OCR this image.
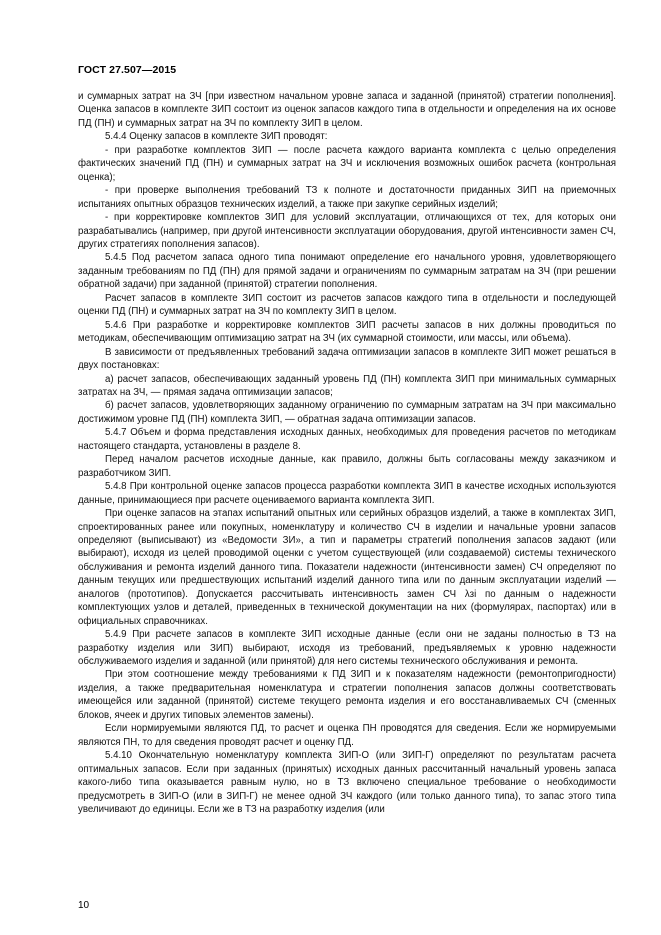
ГОСТ 27.507—2015

и суммарных затрат на ЗЧ [при известном начальном уровне запаса и заданной (принятой) стратегии пополнения]. Оценка запасов в комплекте ЗИП состоит из оценок запасов каждого типа в отдельности и определения на их основе ПД (ПН) и суммарных затрат на ЗЧ по комплекту ЗИП в целом.

5.4.4 Оценку запасов в комплекте ЗИП проводят:

- при разработке комплектов ЗИП — после расчета каждого варианта комплекта с целью определения фактических значений ПД (ПН) и суммарных затрат на ЗЧ и исключения возможных ошибок расчета (контрольная оценка);

- при проверке выполнения требований ТЗ к полноте и достаточности приданных ЗИП на приемочных испытаниях опытных образцов технических изделий, а также при закупке серийных изделий;

- при корректировке комплектов ЗИП для условий эксплуатации, отличающихся от тех, для которых они разрабатывались (например, при другой интенсивности эксплуатации оборудования, другой интенсивности замен СЧ, других стратегиях пополнения запасов).

5.4.5 Под расчетом запаса одного типа понимают определение его начального уровня, удовлетворяющего заданным требованиям по ПД (ПН) для прямой задачи и ограничениям по суммарным затратам на ЗЧ (при решении обратной задачи) при заданной (принятой) стратегии пополнения.

Расчет запасов в комплекте ЗИП состоит из расчетов запасов каждого типа в отдельности и последующей оценки ПД (ПН) и суммарных затрат на ЗЧ по комплекту ЗИП в целом.

5.4.6 При разработке и корректировке комплектов ЗИП расчеты запасов в них должны проводиться по методикам, обеспечивающим оптимизацию затрат на ЗЧ (их суммарной стоимости, или массы, или объема).

В зависимости от предъявленных требований задача оптимизации запасов в комплекте ЗИП может решаться в двух постановках:

а) расчет запасов, обеспечивающих заданный уровень ПД (ПН) комплекта ЗИП при минимальных суммарных затратах на ЗЧ, — прямая задача оптимизации запасов;

б) расчет запасов, удовлетворяющих заданному ограничению по суммарным затратам на ЗЧ при максимально достижимом уровне ПД (ПН) комплекта ЗИП, — обратная задача оптимизации запасов.

5.4.7 Объем и форма представления исходных данных, необходимых для проведения расчетов по методикам настоящего стандарта, установлены в разделе 8.

Перед началом расчетов исходные данные, как правило, должны быть согласованы между заказчиком и разработчиком ЗИП.

5.4.8 При контрольной оценке запасов процесса разработки комплекта ЗИП в качестве исходных используются данные, принимающиеся при расчете оцениваемого варианта комплекта ЗИП.

При оценке запасов на этапах испытаний опытных или серийных образцов изделий, а также в комплектах ЗИП, спроектированных ранее или покупных, номенклатуру и количество СЧ в изделии и начальные уровни запасов определяют (выписывают) из «Ведомости ЗИ», а тип и параметры стратегий пополнения запасов задают (или выбирают), исходя из целей проводимой оценки с учетом существующей (или создаваемой) системы технического обслуживания и ремонта изделий данного типа. Показатели надежности (интенсивности замен) СЧ определяют по данным текущих или предшествующих испытаний изделий данного типа или по данным эксплуатации изделий — аналогов (прототипов). Допускается рассчитывать интенсивность замен СЧ λзi по данным о надежности комплектующих узлов и деталей, приведенных в технической документации на них (формулярах, паспортах) или в официальных справочниках.

5.4.9 При расчете запасов в комплекте ЗИП исходные данные (если они не заданы полностью в ТЗ на разработку изделия или ЗИП) выбирают, исходя из требований, предъявляемых к уровню надежности обслуживаемого изделия и заданной (или принятой) для него системы технического обслуживания и ремонта.

При этом соотношение между требованиями к ПД ЗИП и к показателям надежности (ремонтопригодности) изделия, а также предварительная номенклатура и стратегии пополнения запасов должны соответствовать имеющейся или заданной (принятой) системе текущего ремонта изделия и его восстанавливаемых СЧ (сменных блоков, ячеек и других типовых элементов замены).

Если нормируемыми являются ПД, то расчет и оценка ПН проводятся для сведения. Если же нормируемыми являются ПН, то для сведения проводят расчет и оценку ПД.

5.4.10 Окончательную номенклатуру комплекта ЗИП-О (или ЗИП-Г) определяют по результатам расчета оптимальных запасов. Если при заданных (принятых) исходных данных рассчитанный начальный уровень запаса какого-либо типа оказывается равным нулю, но в ТЗ включено специальное требование о необходимости предусмотреть в ЗИП-О (или в ЗИП-Г) не менее одной ЗЧ каждого (или только данного типа), то запас этого типа увеличивают до единицы. Если же в ТЗ на разработку изделия (или

10
